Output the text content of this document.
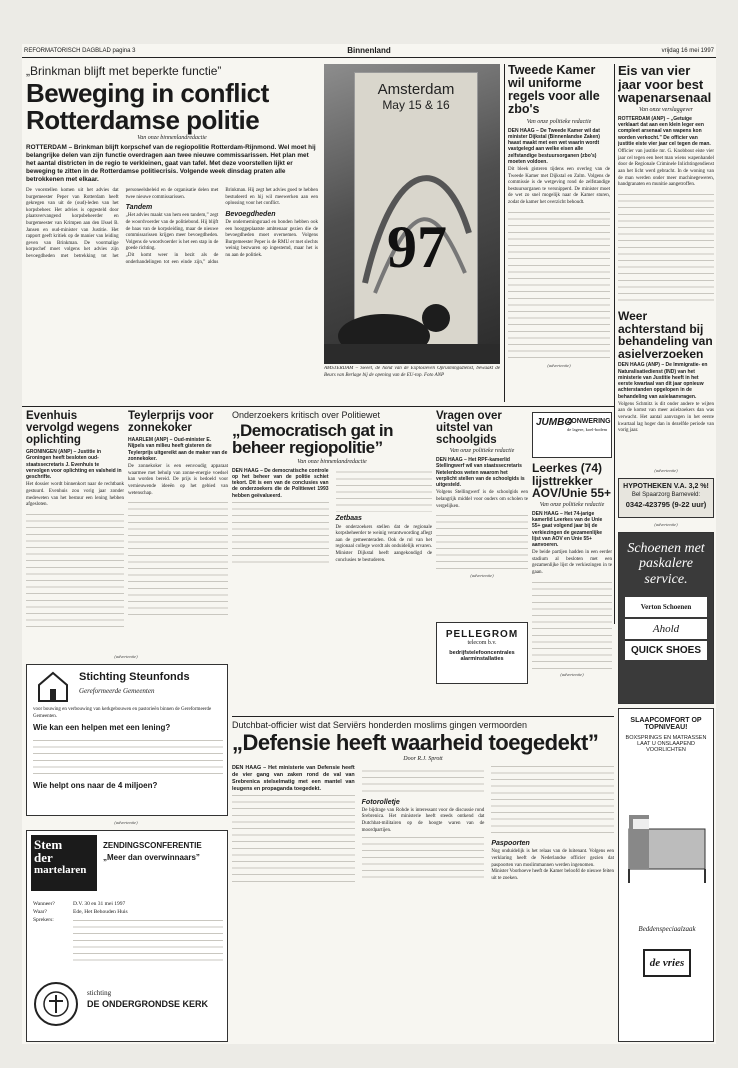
REFORMATORISCH DAGBLAD pagina 3	Binnenland	vrijdag 16 mei 1997
„Brinkman blijft met beperkte functie”
Beweging in conflict Rotterdamse politie
Van onze binnenlandredactie
ROTTERDAM – Brinkman blijft korpschef van de regiopolitie Rotterdam-Rijnmond. Wel moet hij belangrijke delen van zijn functie overdragen aan twee nieuwe commissarissen. Het plan met het aantal districten in de regio te verkleinen, gaat van tafel. Met deze voorstellen lijkt er beweging te zitten in de Rotterdamse politiecrisis. Volgende week dinsdag praten alle betrokkenen met elkaar.

De voorstellen komen uit het advies dat burgemeester Peper van Rotterdam heeft gekregen van uit de (oud)-leden van het korpsbeheer. Het advies is opgesteld door plaatsvervangend korpsbeheerder en burgemeester van Krimpen aan den IJssel B. Jansen en oud-minister van Justitie. Het rapport geeft kritiek op de manier van leiding geven van Brinkman. De voormalige korpschef moet volgens het advies zijn bevoegdheden met betrekking tot het personeelsbeleid en de organisatie delen met twee nieuwe commissarissen.

Tandem

„Het advies maakt van hem een tandem,” zegt de woordvoerder van de politiebond. Hij blijft de baas van de korpsleiding, maar de nieuwe commissarissen krijgen meer bevoegdheden. Volgens de woordvoerder is het een stap in de goede richting.

„Dit komt weer in bezit als de onderhandelingen tot een einde zijn,” aldus Brinkman. Hij zegt het advies goed te hebben bestudeerd en hij wil meewerken aan een oplossing voor het conflict.

Bevoegdheden

De ondernemingsraad en bonden hebben ook een hooggeplaatste ambtenaar gezien die de bevoegdheden moet overnemen. Volgens Burgemeester Peper is de RMU er met slechts weinig bezwaren op ingestemd, maar het is nu aan de politiek.

Amsterdam
May 15 & 16
97
AMSTERDAM – Sweet, de hond van de Explosieven Opruimingsdienst, bewaakt de Beurs van Berlage bij de opening van de EU-top. Foto ANP
Tweede Kamer wil uniforme regels voor alle zbo's
Van onze politieke redactie
DEN HAAG – De Tweede Kamer wil dat minister Dijkstal (Binnenlandse Zaken) haast maakt met een wet waarin wordt vastgelegd aan welke eisen alle zelfstandige bestuursorganen (zbo's) moeten voldoen.
Dit bleek gisteren tijdens een overleg van de Tweede Kamer met Dijkstal en Zalm. Volgens de commissie is de wetgeving rond de zelfstandige bestuursorganen te versnipperd. De minister moet de wet zo snel mogelijk naar de Kamer sturen, zodat de kamer het overzicht behoudt.
(advertentie)
Eis van vier jaar voor best wapenarsenaal
Van onze verslaggever
ROTTERDAM (ANP) – „Getuige verklaart dat aan een klein leger een compleet arsenaal van wapens kon worden verkocht.” De officier van justitie eiste vier jaar cel tegen de man.
Officier van justitie mr. G. Knobbout eiste vier jaar cel tegen een beet man wiens wapenhandel door de Regionale Criminele Inlichtingendienst aan het licht werd gebracht. In de woning van de man werden onder meer machinegeweren, handgranaten en munitie aangetroffen.
Weer achterstand bij behandeling van asielverzoeken
DEN HAAG (ANP) – De Immigratie- en Naturalisatiedienst (IND) van het ministerie van Justitie heeft in het eerste kwartaal van dit jaar opnieuw achterstanden opgelopen in de behandeling van asielaanvragen.
Volgens Schmitz is dit onder andere te wijten aan de komst van meer asielzoekers dan was verwacht. Het aantal aanvragen in het eerste kwartaal lag hoger dan in dezelfde periode van vorig jaar.
(advertentie)
HYPOTHEKEN V.A. 3,2 %!
Bel Spaarzorg Barneveld:
0342-423795 (9-22 uur)
(advertentie)
Schoenen met paskalere service.
Verton Schoenen
Ahold
QUICK SHOES
Evenhuis vervolgd wegens oplichting
GRONINGEN (ANP) – Justitie in Groningen heeft besloten oud-staatssecretaris J. Evenhuis te vervolgen voor oplichting en valsheid in geschrifte.
Het dossier wordt binnenkort naar de rechtbank gestuurd. Evenhuis zou vorig jaar zonder medeweten van het bestuur een lening hebben afgesloten.
Teylerprijs voor zonnekoker
HAARLEM (ANP) – Oud-minister E. Nijpels van milieu heeft gisteren de Teylerprijs uitgereikt aan de maker van de zonnekoker.
De zonnekoker is een eenvoudig apparaat waarmee met behulp van zonne-energie voedsel kan worden bereid. De prijs is bedoeld voor vernieuwende ideeën op het gebied van wetenschap.
Onderzoekers kritisch over Politiewet
„Democratisch gat in beheer regiopolitie”
Van onze binnenlandredactie

DEN HAAG – De democratische controle op het beheer van de politie schiet tekort. Dit is een van de conclusies van de onderzoekers die de Politiewet 1993 hebben geëvalueerd.

Zetbaas

De onderzoekers stellen dat de regionale korpsbeheerder te weinig verantwoording aflegt aan de gemeenteraden. Ook de rol van het regionaal college wordt als onduidelijk ervaren. Minister Dijkstal heeft aangekondigd de conclusies te bestuderen.

Vragen over uitstel van schoolgids
Van onze politieke redactie
DEN HAAG – Het RPF-kamerlid Stellingwerf wil van staatssecretaris Netelenbos weten waarom het verplicht stellen van de schoolgids is uitgesteld.
Volgens Stellingwerf is de schoolgids een belangrijk middel voor ouders om scholen te vergelijken.
(advertentie)
PELLEGROM
telecom b.v.
bedrijfstelefooncentrales
alarminstallaties
JUMBO
ZONWERING
de lagere, koel-bodem
Leerkes (74) lijsttrekker AOV/Unie 55+
Van onze politieke redactie
DEN HAAG – Het 74-jarige kamerlid Leerkes van de Unie 55+ gaat volgend jaar bij de verkiezingen de gezamenlijke lijst van AOV en Unie 55+ aanvoeren.
De beide partijen hadden in een eerder stadium al besloten met een gezamenlijke lijst de verkiezingen in te gaan.
(advertentie)
(advertentie)
Stichting Steunfonds
Gereformeerde Gemeenten
voor bouwing en verbouwing van kerkgebouwen en pastorieën binnen de Gereformeerde Gemeenten.
Wie kan een helpen met een lening?
Wie helpt ons naar de 4 miljoen?
Dutchbat-officier wist dat Serviërs honderden moslims gingen vermoorden
„Defensie heeft waarheid toegedekt”
Door R.J. Sprott

DEN HAAG – Het ministerie van Defensie heeft de vier gang van zaken rond de val van Srebrenica stelselmatig met een mantel van leugens en propaganda toegedekt.

Fotorolletje

De bijdrage van Rohde is interessant voor de discussie rond Srebrenica. Het ministerie heeft steeds ontkend dat Dutchbat-militairen op de hoogte waren van de moordpartijen.

Paspoorten

Nog onduidelijk is het relaas van de luitenant. Volgens een verklaring heeft de Nederlandse officier gezien dat paspoorten van moslimmannen werden ingenomen.

Minister Voorhoeve heeft de Kamer beloofd de nieuwe feiten uit te zoeken.

(advertentie)
Stem
der
martelaren
ZENDINGSCONFERENTIE
„Meer dan overwinnaars”
Wanneer?	D.V. 30 en 31 mei 1997
Waar?	Ede, Het Behouden Huis
Sprekers:
stichting
DE ONDERGRONDSE KERK
SLAAPCOMFORT OP TOPNIVEAU!
BOXSPRINGS EN MATRASSEN LAAT U ONSLAAPEND VOORLICHTEN
Beddenspeciaalzaak
de vries
